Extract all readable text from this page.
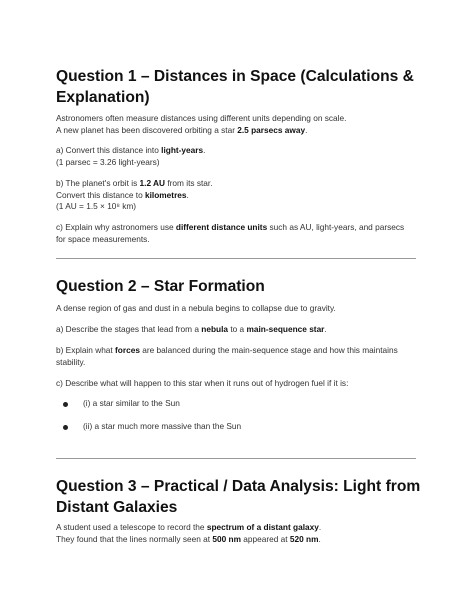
Question 1 – Distances in Space (Calculations & Explanation)

Astronomers often measure distances using different units depending on scale.
A new planet has been discovered orbiting a star 2.5 parsecs away.

a) Convert this distance into light-years.
(1 parsec = 3.26 light-years)

b) The planet's orbit is 1.2 AU from its star.
Convert this distance to kilometres.
(1 AU = 1.5 × 10⁸ km)

c) Explain why astronomers use different distance units such as AU, light-years, and parsecs
for space measurements.

Question 2 – Star Formation

A dense region of gas and dust in a nebula begins to collapse due to gravity.

a) Describe the stages that lead from a nebula to a main-sequence star.

b) Explain what forces are balanced during the main-sequence stage and how this maintains
stability.

c) Describe what will happen to this star when it runs out of hydrogen fuel if it is:

(i) a star similar to the Sun

(ii) a star much more massive than the Sun

Question 3 – Practical / Data Analysis: Light from Distant Galaxies

A student used a telescope to record the spectrum of a distant galaxy.
They found that the lines normally seen at 500 nm appeared at 520 nm.
